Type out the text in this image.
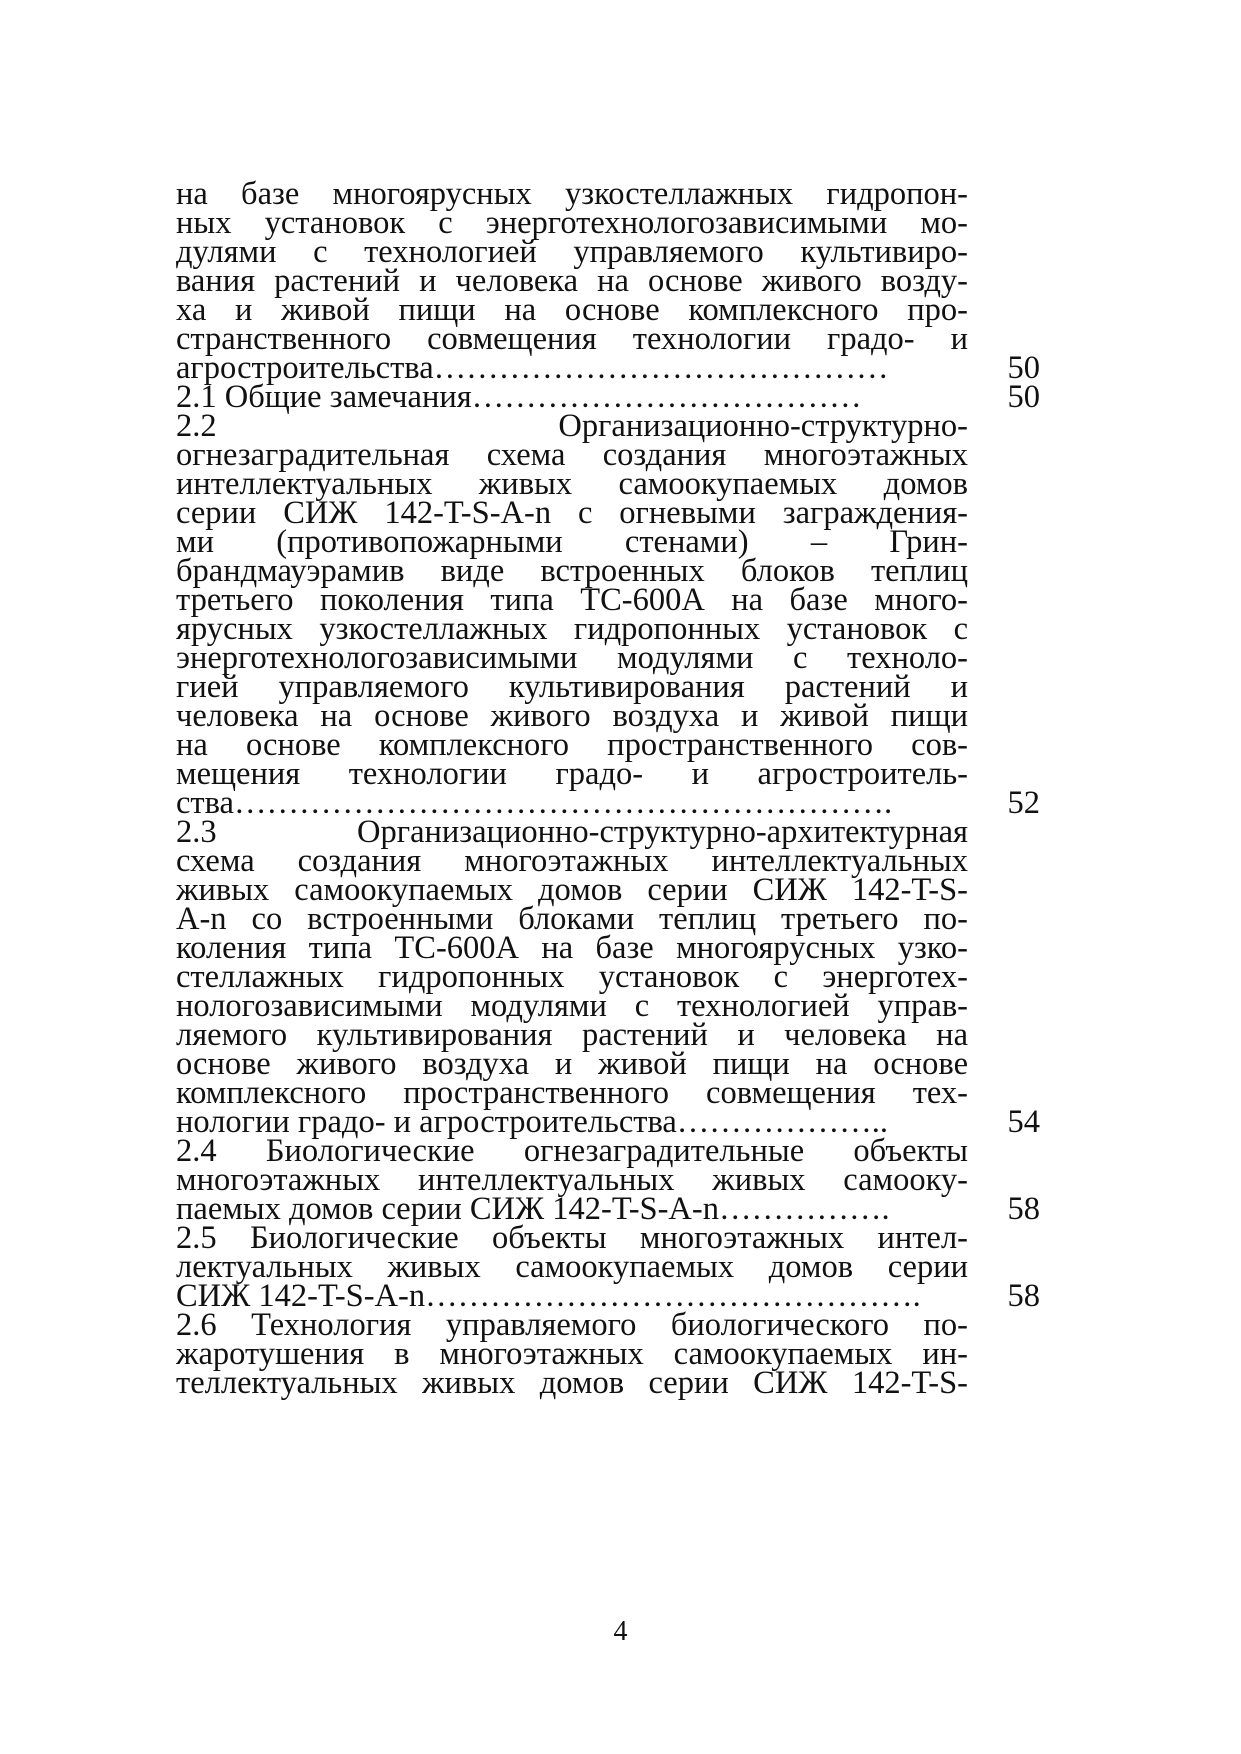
на базе многоярусных узкостеллажных гидропон-
ных установок с энерготехнологозависимыми мо-
дулями с технологией управляемого культивиро-
вания растений и человека на основе живого возду-
ха и живой пищи на основе комплексного про-
странственного совмещения технологии градо- и
агростроительства……………………………………	50
2.1 Общие замечания………………………………	50
2.2 Организационно-структурно-
огнезаградительная схема создания многоэтажных
интеллектуальных живых самоокупаемых домов
серии СИЖ 142-T-S-A-n с огневыми заграждения-
ми (противопожарными стенами) – Грин-
брандмауэрамив виде встроенных блоков теплиц
третьего поколения типа ТС-600А на базе много-
ярусных узкостеллажных гидропонных установок с
энерготехнологозависимыми модулями с техноло-
гией управляемого культивирования растений и
человека на основе живого воздуха и живой пищи
на основе комплексного пространственного сов-
мещения технологии градо- и агростроитель-
ства…………………………………………………….	52
2.3 Организационно-структурно-архитектурная
схема создания многоэтажных интеллектуальных
живых самоокупаемых домов серии СИЖ 142-T-S-
A-n со встроенными блоками теплиц третьего по-
коления типа ТС-600А на базе многоярусных узко-
стеллажных гидропонных установок с энерготех-
нологозависимыми модулями с технологией управ-
ляемого культивирования растений и человека на
основе живого воздуха и живой пищи на основе
комплексного пространственного совмещения тех-
нологии градо- и агростроительства………………..	54
2.4 Биологические огнезаградительные объекты
многоэтажных интеллектуальных живых самооку-
паемых домов серии СИЖ 142-T-S-A-n…………….	58
2.5 Биологические объекты многоэтажных интел-
лектуальных живых самоокупаемых домов серии
СИЖ 142-T-S-A-n……………………………………….	58
2.6 Технология управляемого биологического по-
жаротушения в многоэтажных самоокупаемых ин-
теллектуальных живых домов серии СИЖ 142-T-S-
4
